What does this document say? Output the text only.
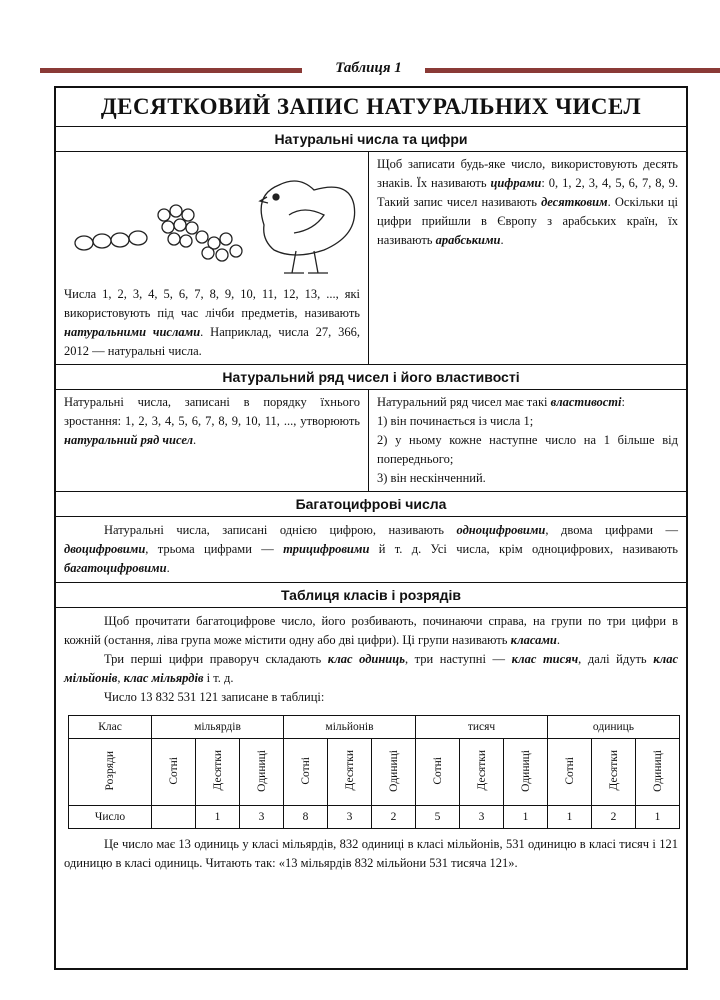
Таблиця 1
ДЕСЯТКОВИЙ ЗАПИС НАТУРАЛЬНИХ ЧИСЕЛ
Натуральні числа та цифри
Числа 1, 2, 3, 4, 5, 6, 7, 8, 9, 10, 11, 12, 13, ..., які використовують під час лічби предметів, називають натуральними числами. Наприклад, числа 27, 366, 2012 — натуральні числа.
Щоб записати будь-яке число, використовують десять знаків. Їх називають цифрами: 0, 1, 2, 3, 4, 5, 6, 7, 8, 9. Такий запис чисел називають десятковим. Оскільки ці цифри прийшли в Європу з арабських країн, їх називають арабськими.
Натуральний ряд чисел і його властивості
Натуральні числа, записані в порядку їхнього зростання: 1, 2, 3, 4, 5, 6, 7, 8, 9, 10, 11, ..., утворюють натуральний ряд чисел.
Натуральний ряд чисел має такі властивості:
1) він починається із числа 1;
2) у ньому кожне наступне число на 1 більше від попереднього;
3) він нескінченний.
Багатоцифрові числа

Натуральні числа, записані однією цифрою, називають одноцифровими, двома цифрами — двоцифровими, трьома цифрами — трицифровими й т. д. Усі числа, крім одноцифрових, називають багатоцифровими.

Таблиця класів і розрядів

Щоб прочитати багатоцифрове число, його розбивають, починаючи справа, на групи по три цифри в кожній (остання, ліва група може містити одну або дві цифри). Ці групи називають класами.

Три перші цифри праворуч складають клас одиниць, три наступні — клас тисяч, далі йдуть клас мільйонів, клас мільярдів і т. д.

Число 13 832 531 121 записане в таблиці:

Клас	мільярдів			мільйонів			тисяч			одиниць		
Розряди	Сотні	Десятки	Одиниці	Сотні	Десятки	Одиниці	Сотні	Десятки	Одиниці	Сотні	Десятки	Одиниці
Число		1	3	8	3	2	5	3	1	1	2	1

Це число має 13 одиниць у класі мільярдів, 832 одиниці в класі мільйонів, 531 одиницю в класі тисяч і 121 одиницю в класі одиниць. Читають так: «13 мільярдів 832 мільйони 531 тисяча 121».
